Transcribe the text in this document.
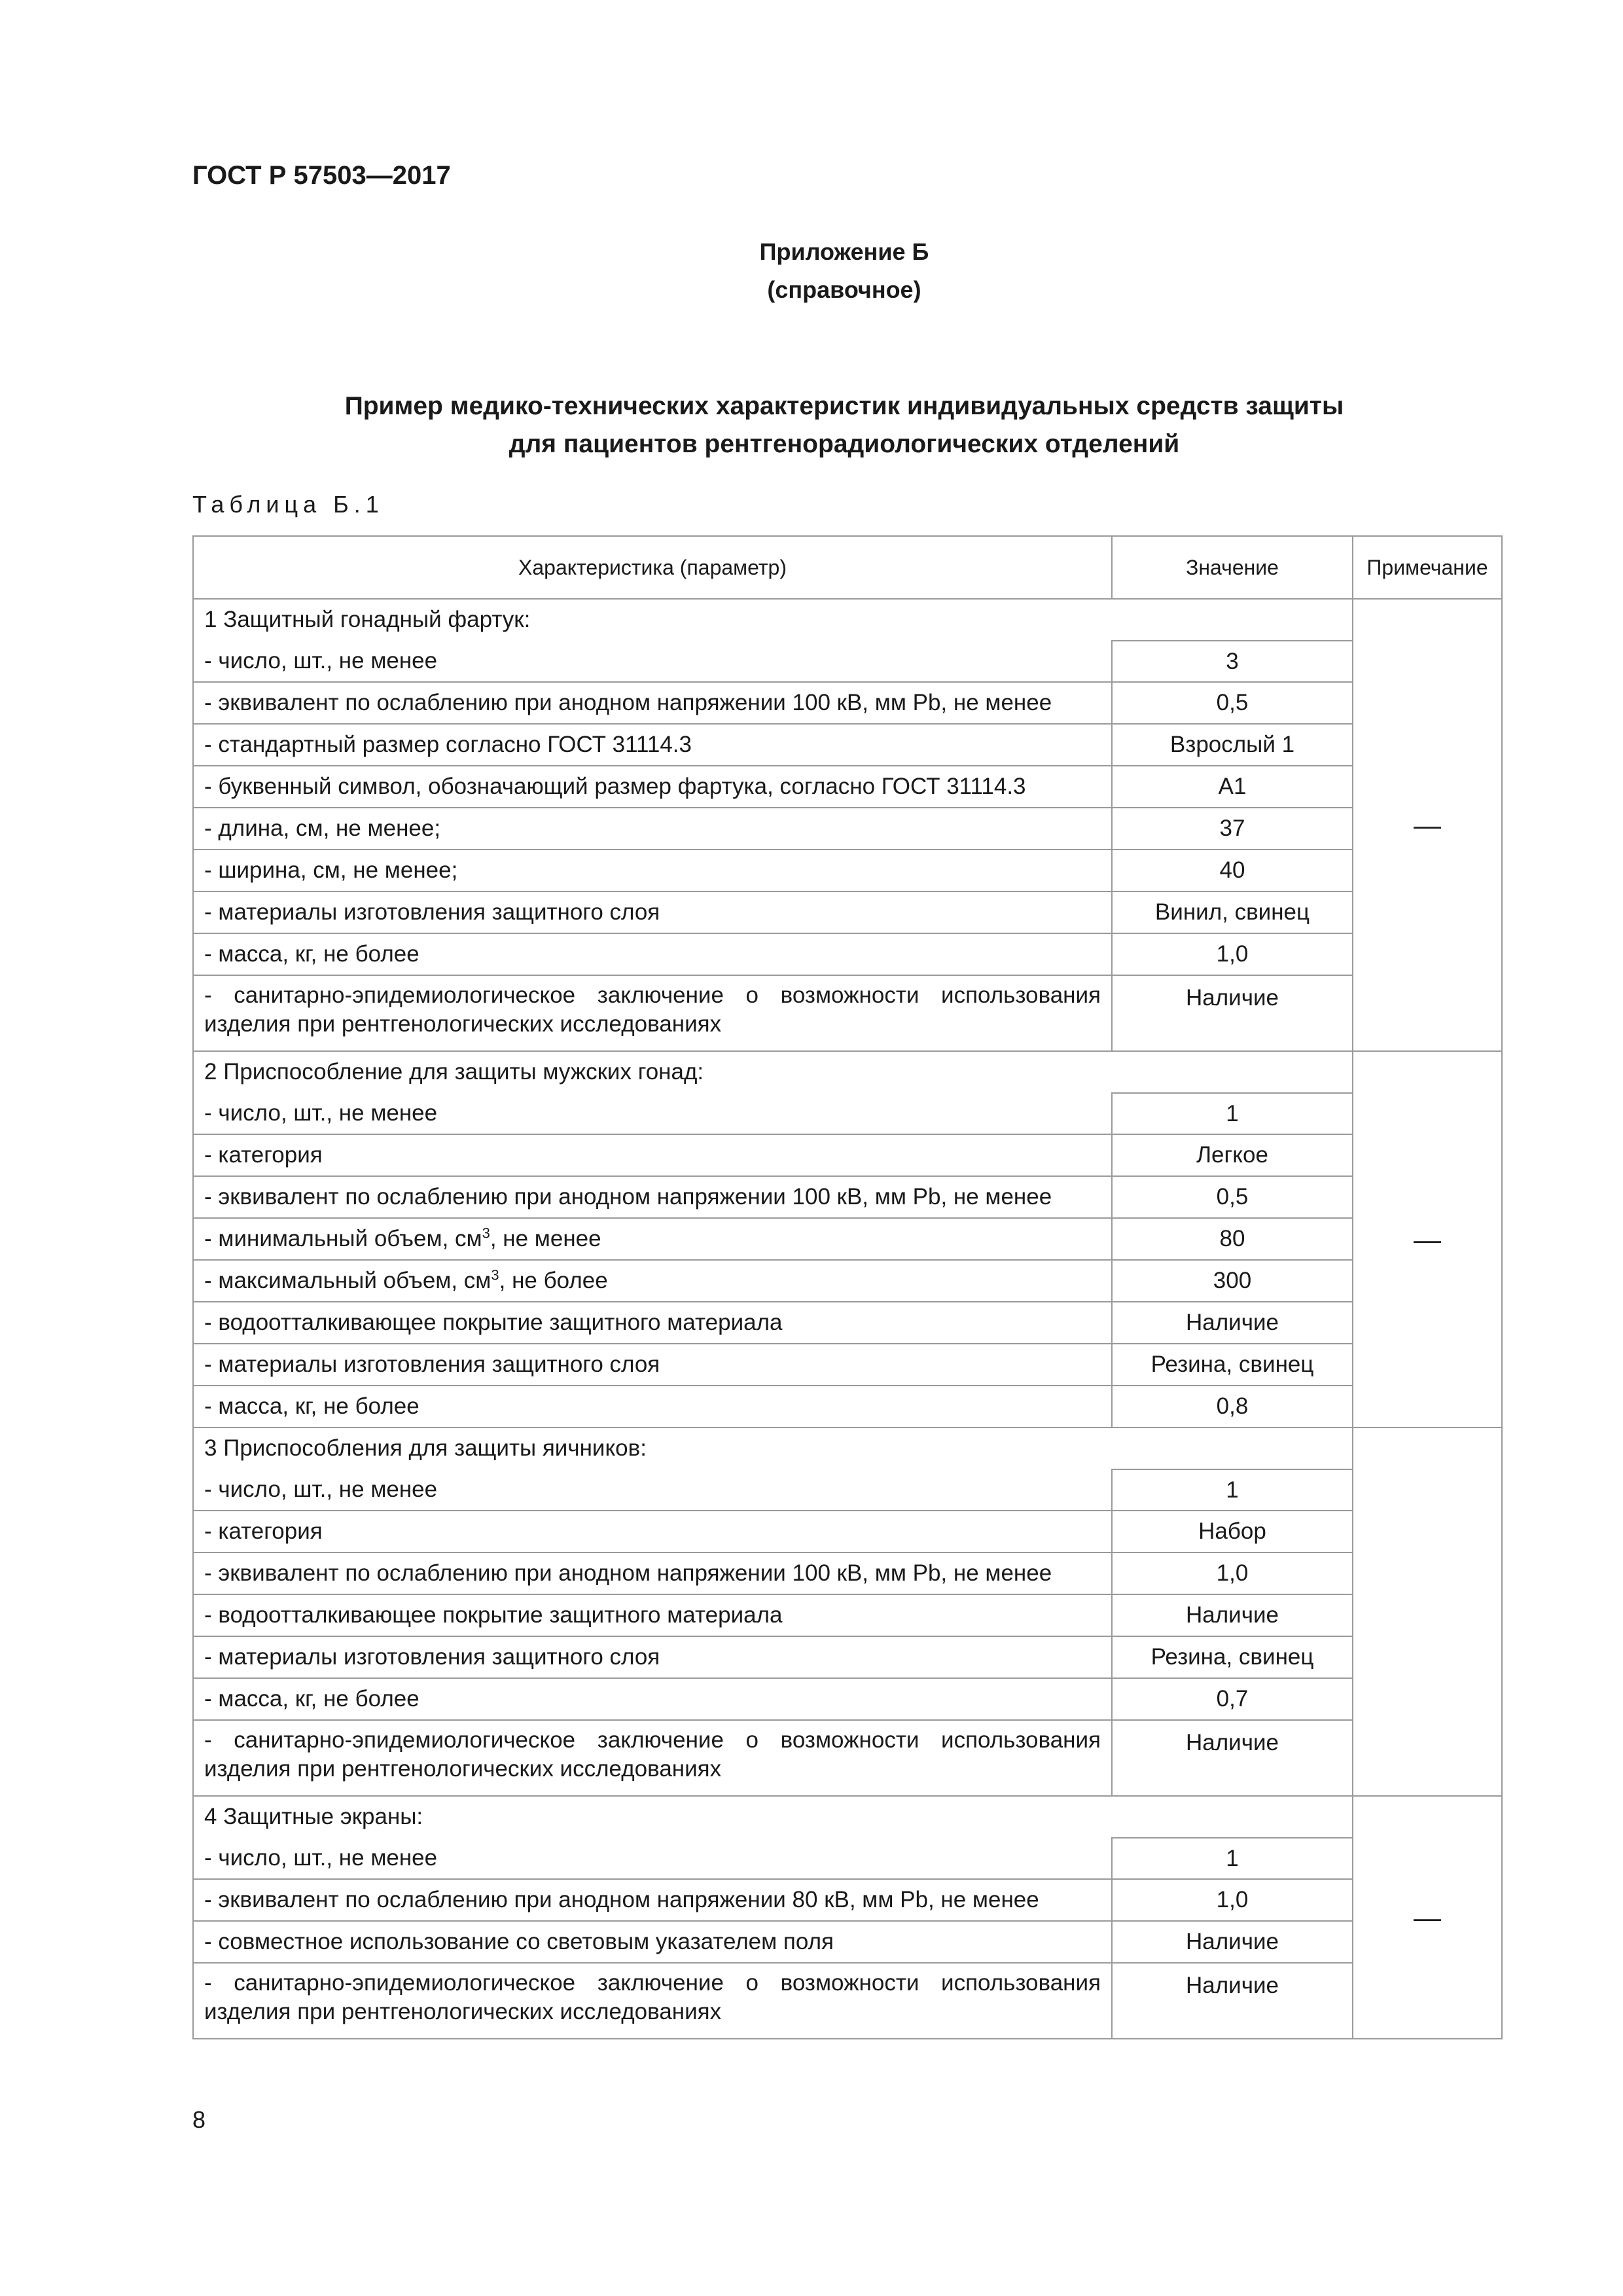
ГОСТ Р 57503—2017
Приложение Б
(справочное)
Пример медико-технических характеристик индивидуальных средств защиты
для пациентов рентгенорадиологических отделений
Таблица Б.1
Характеристика (параметр)	Значение	Примечание
1 Защитный гонадный фартук:		—
- число, шт., не менее	3	
- эквивалент по ослаблению при анодном напряжении 100 кВ, мм Pb, не менее	0,5	
- стандартный размер согласно ГОСТ 31114.3	Взрослый 1	
- буквенный символ, обозначающий размер фартука, согласно ГОСТ 31114.3	А1	
- длина, см, не менее;	37	
- ширина, см, не менее;	40	
- материалы изготовления защитного слоя	Винил, свинец	
- масса, кг, не более	1,0	
- санитарно-эпидемиологическое заключение о возможности использования изделия при рентгенологических исследованиях	Наличие	
2 Приспособление для защиты мужских гонад:		—
- число, шт., не менее	1	
- категория	Легкое	
- эквивалент по ослаблению при анодном напряжении 100 кВ, мм Pb, не менее	0,5	
- минимальный объем, $см^3$, не менее	80	
- максимальный объем, $см^3$, не более	300	
- водоотталкивающее покрытие защитного материала	Наличие	
- материалы изготовления защитного слоя	Резина, свинец	
- масса, кг, не более	0,8	
3 Приспособления для защиты яичников:		
- число, шт., не менее	1	
- категория	Набор	
- эквивалент по ослаблению при анодном напряжении 100 кВ, мм Pb, не менее	1,0	
- водоотталкивающее покрытие защитного материала	Наличие	
- материалы изготовления защитного слоя	Резина, свинец	
- масса, кг, не более	0,7	
- санитарно-эпидемиологическое заключение о возможности использования изделия при рентгенологических исследованиях	Наличие	
4 Защитные экраны:		—
- число, шт., не менее	1	
- эквивалент по ослаблению при анодном напряжении 80 кВ, мм Pb, не менее	1,0	
- совместное использование со световым указателем поля	Наличие	
- санитарно-эпидемиологическое заключение о возможности использования изделия при рентгенологических исследованиях	Наличие	
8
